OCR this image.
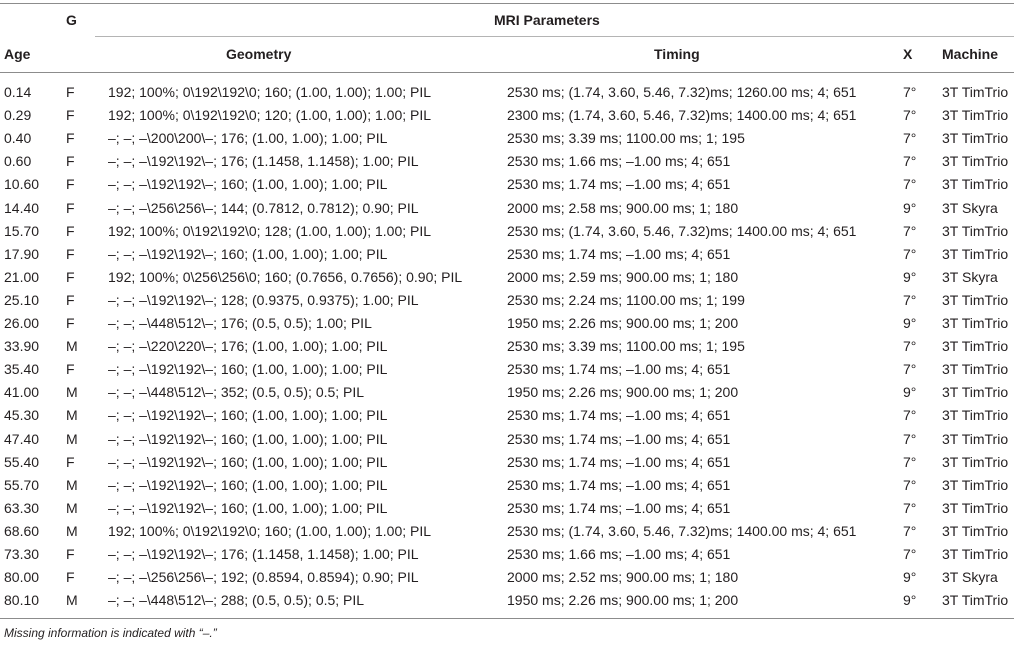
Age
G	MRI Parameters
Geometry	Timing	X Machine
0.14 F 192; 100%; 0\192\192\0; 160; (1.00, 1.00); 1.00; PIL	2530 ms; (1.74, 3.60, 5.46, 7.32)ms; 1260.00 ms; 4; 651	7° 3T TimTrio
0.29 F 192; 100%; 0\192\192\0; 120; (1.00, 1.00); 1.00; PIL	2300 ms; (1.74, 3.60, 5.46, 7.32)ms; 1400.00 ms; 4; 651	7° 3T TimTrio
0.40 F –; –; –\200\200\–; 176; (1.00, 1.00); 1.00; PIL	2530 ms; 3.39 ms; 1100.00 ms; 1; 195	7° 3T TimTrio
0.60 F –; –; –\192\192\–; 176; (1.1458, 1.1458); 1.00; PIL	2530 ms; 1.66 ms; –1.00 ms; 4; 651	7° 3T TimTrio
10.60 F –; –; –\192\192\–; 160; (1.00, 1.00); 1.00; PIL	2530 ms; 1.74 ms; –1.00 ms; 4; 651	7° 3T TimTrio
14.40 F –; –; –\256\256\–; 144; (0.7812, 0.7812); 0.90; PIL	2000 ms; 2.58 ms; 900.00 ms; 1; 180	9° 3T Skyra
15.70 F 192; 100%; 0\192\192\0; 128; (1.00, 1.00); 1.00; PIL	2530 ms; (1.74, 3.60, 5.46, 7.32)ms; 1400.00 ms; 4; 651	7° 3T TimTrio
17.90 F –; –; –\192\192\–; 160; (1.00, 1.00); 1.00; PIL	2530 ms; 1.74 ms; –1.00 ms; 4; 651	7° 3T TimTrio
21.00 F 192; 100%; 0\256\256\0; 160; (0.7656, 0.7656); 0.90; PIL	2000 ms; 2.59 ms; 900.00 ms; 1; 180	9° 3T Skyra
25.10 F –; –; –\192\192\–; 128; (0.9375, 0.9375); 1.00; PIL	2530 ms; 2.24 ms; 1100.00 ms; 1; 199	7° 3T TimTrio
26.00 F –; –; –\448\512\–; 176; (0.5, 0.5); 1.00; PIL	1950 ms; 2.26 ms; 900.00 ms; 1; 200	9° 3T TimTrio
33.90 M –; –; –\220\220\–; 176; (1.00, 1.00); 1.00; PIL	2530 ms; 3.39 ms; 1100.00 ms; 1; 195	7° 3T TimTrio
35.40 F –; –; –\192\192\–; 160; (1.00, 1.00); 1.00; PIL	2530 ms; 1.74 ms; –1.00 ms; 4; 651	7° 3T TimTrio
41.00 M –; –; –\448\512\–; 352; (0.5, 0.5); 0.5; PIL	1950 ms; 2.26 ms; 900.00 ms; 1; 200	9° 3T TimTrio
45.30 M –; –; –\192\192\–; 160; (1.00, 1.00); 1.00; PIL	2530 ms; 1.74 ms; –1.00 ms; 4; 651	7° 3T TimTrio
47.40 M –; –; –\192\192\–; 160; (1.00, 1.00); 1.00; PIL	2530 ms; 1.74 ms; –1.00 ms; 4; 651	7° 3T TimTrio
55.40 F –; –; –\192\192\–; 160; (1.00, 1.00); 1.00; PIL	2530 ms; 1.74 ms; –1.00 ms; 4; 651	7° 3T TimTrio
55.70 M –; –; –\192\192\–; 160; (1.00, 1.00); 1.00; PIL	2530 ms; 1.74 ms; –1.00 ms; 4; 651	7° 3T TimTrio
63.30 M –; –; –\192\192\–; 160; (1.00, 1.00); 1.00; PIL	2530 ms; 1.74 ms; –1.00 ms; 4; 651	7° 3T TimTrio
68.60 M 192; 100%; 0\192\192\0; 160; (1.00, 1.00); 1.00; PIL	2530 ms; (1.74, 3.60, 5.46, 7.32)ms; 1400.00 ms; 4; 651	7° 3T TimTrio
73.30 F –; –; –\192\192\–; 176; (1.1458, 1.1458); 1.00; PIL	2530 ms; 1.66 ms; –1.00 ms; 4; 651	7° 3T TimTrio
80.00 F –; –; –\256\256\–; 192; (0.8594, 0.8594); 0.90; PIL	2000 ms; 2.52 ms; 900.00 ms; 1; 180	9° 3T Skyra
80.10 M –; –; –\448\512\–; 288; (0.5, 0.5); 0.5; PIL	1950 ms; 2.26 ms; 900.00 ms; 1; 200	9° 3T TimTrio
Missing information is indicated with “–.”
